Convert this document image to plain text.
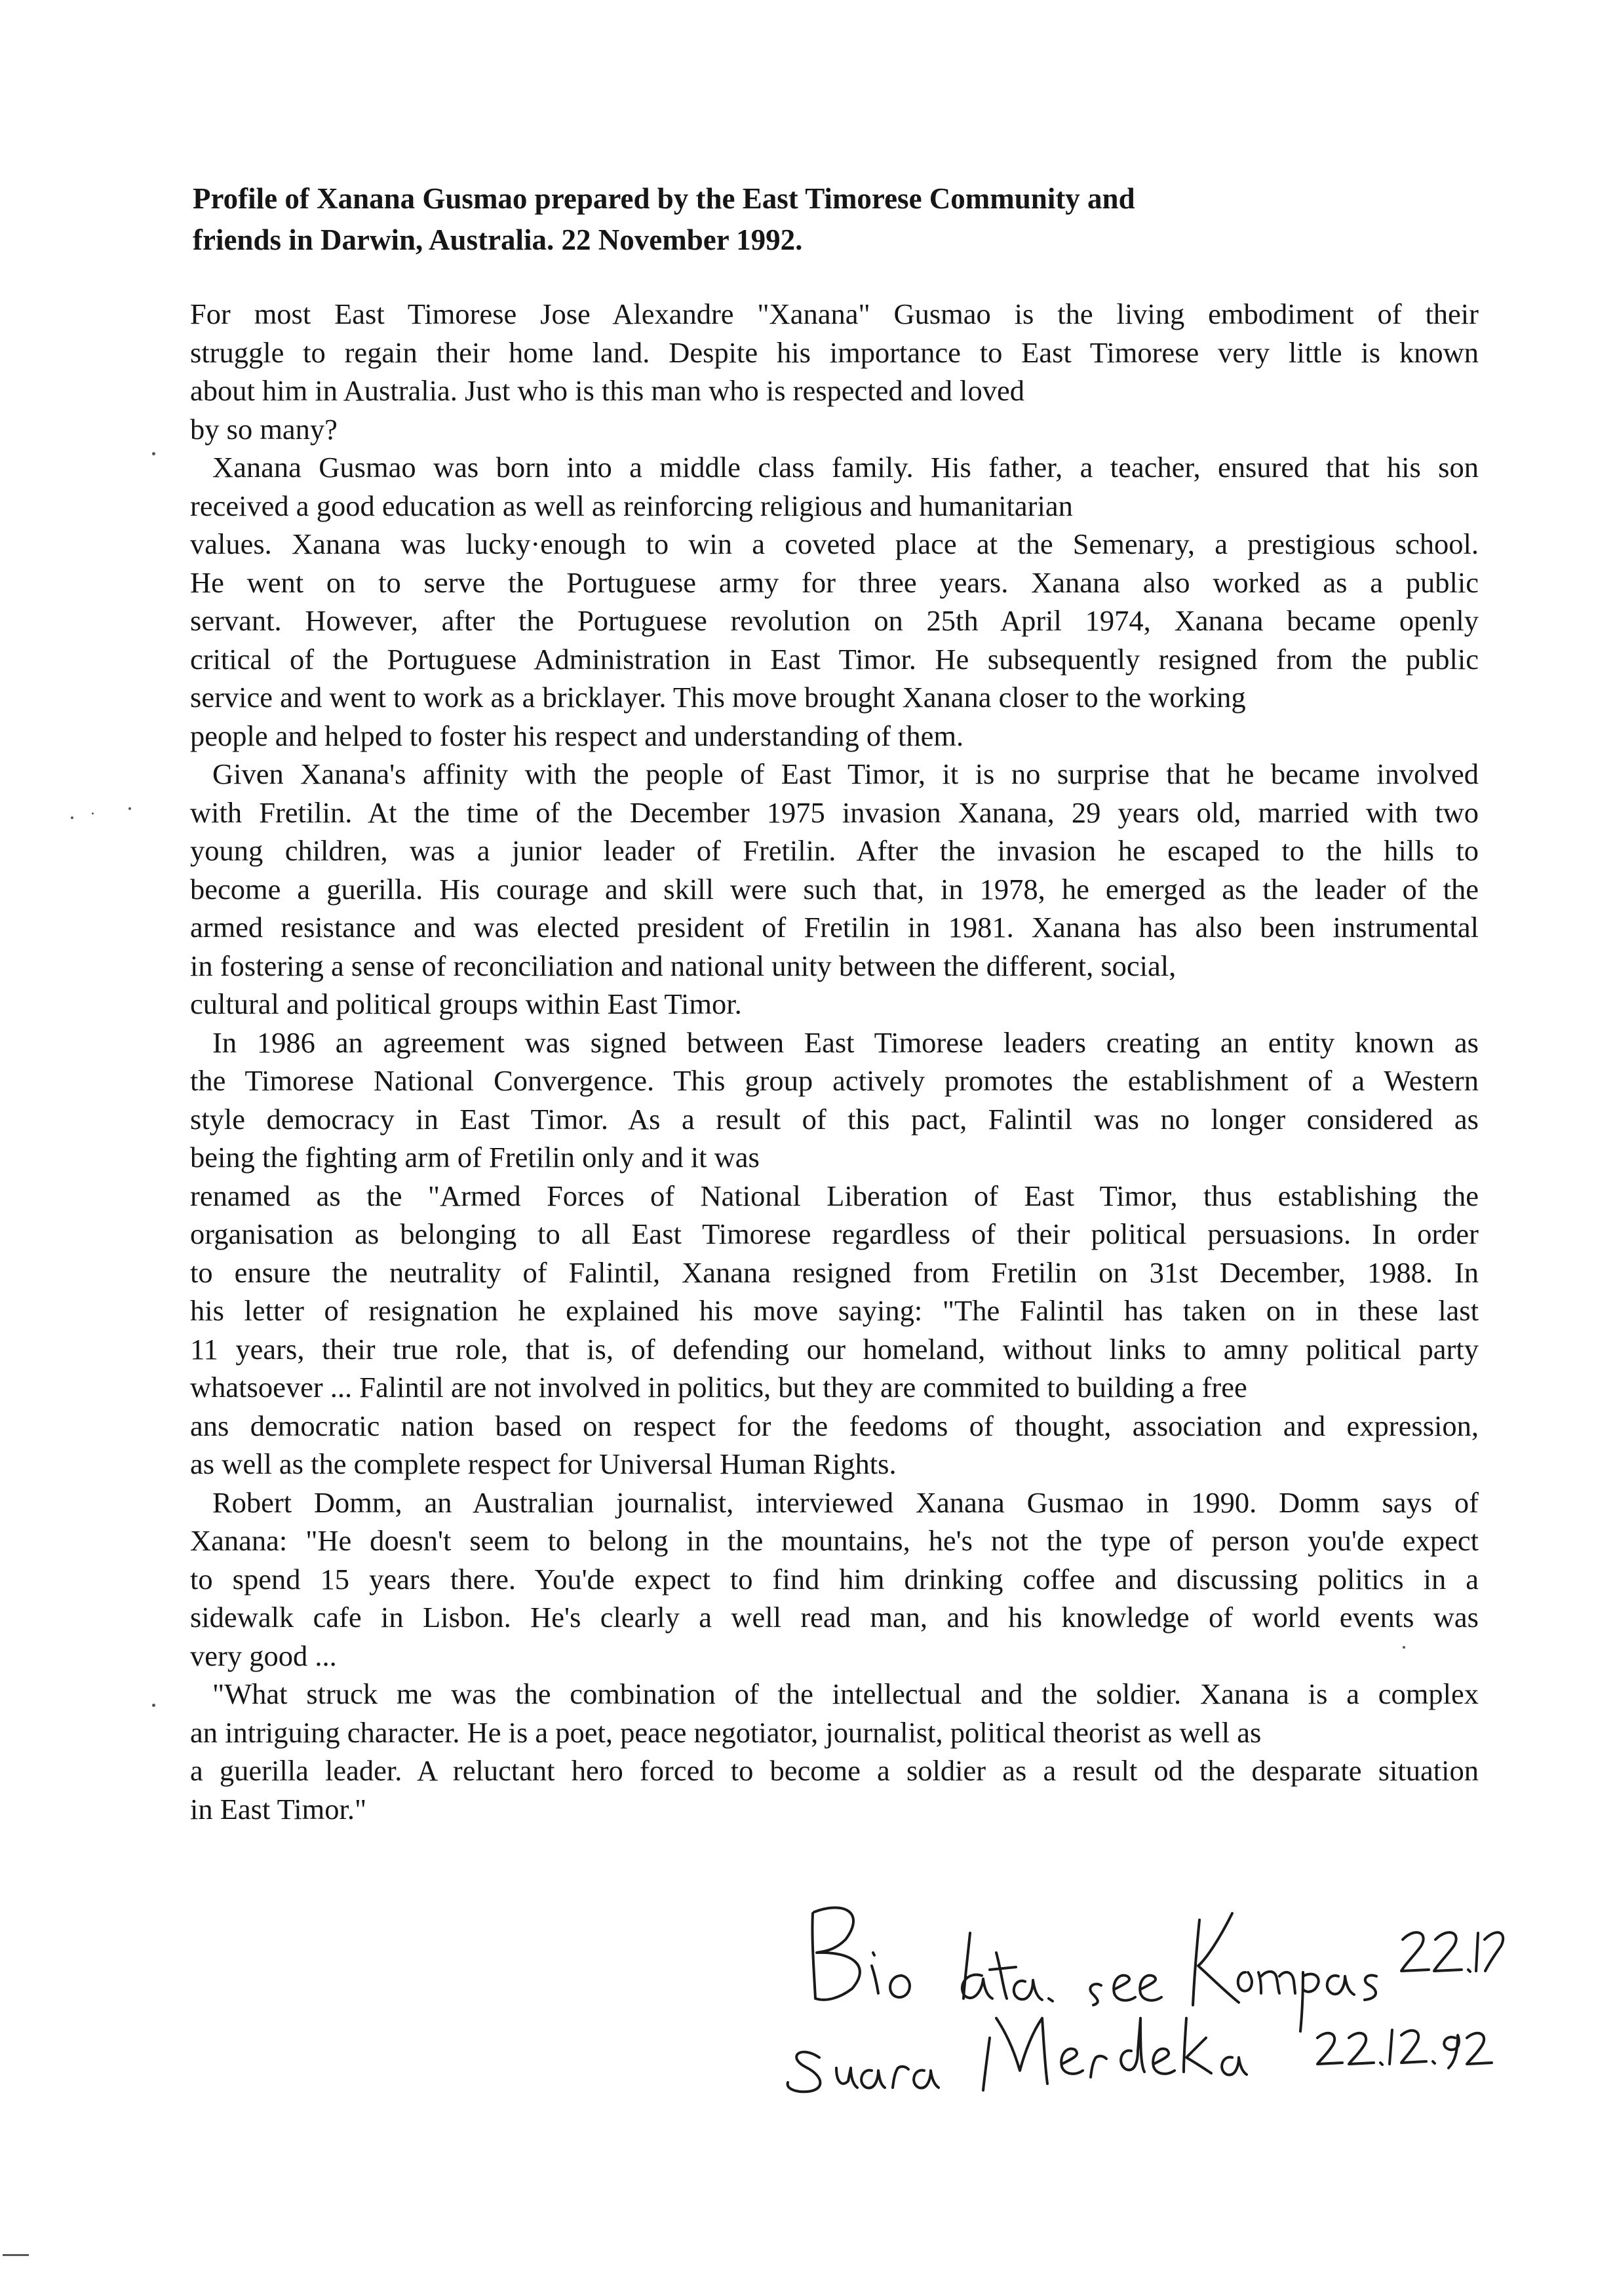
Profile of Xanana Gusmao prepared by the East Timorese Community and
friends in Darwin, Australia. 22 November 1992.
For most East Timorese Jose Alexandre "Xanana" Gusmao is the living embodiment of their
struggle to regain their home land. Despite his importance to East Timorese very little is known
about him in Australia. Just who is this man who is respected and loved
by so many?
Xanana Gusmao was born into a middle class family. His father, a teacher, ensured that his son
received a good education as well as reinforcing religious and humanitarian
values. Xanana was lucky·enough to win a coveted place at the Semenary, a prestigious school.
He went on to serve the Portuguese army for three years. Xanana also worked as a public
servant. However, after the Portuguese revolution on 25th April 1974, Xanana became openly
critical of the Portuguese Administration in East Timor. He subsequently resigned from the public
service and went to work as a bricklayer. This move brought Xanana closer to the working
people and helped to foster his respect and understanding of them.
Given Xanana's affinity with the people of East Timor, it is no surprise that he became involved
with Fretilin. At the time of the December 1975 invasion Xanana, 29 years old, married with two
young children, was a junior leader of Fretilin. After the invasion he escaped to the hills to
become a guerilla. His courage and skill were such that, in 1978, he emerged as the leader of the
armed resistance and was elected president of Fretilin in 1981. Xanana has also been instrumental
in fostering a sense of reconciliation and national unity between the different, social,
cultural and political groups within East Timor.
In 1986 an agreement was signed between East Timorese leaders creating an entity known as
the Timorese National Convergence. This group actively promotes the establishment of a Western
style democracy in East Timor. As a result of this pact, Falintil was no longer considered as
being the fighting arm of Fretilin only and it was
renamed as the "Armed Forces of National Liberation of East Timor, thus establishing the
organisation as belonging to all East Timorese regardless of their political persuasions. In order
to ensure the neutrality of Falintil, Xanana resigned from Fretilin on 31st December, 1988. In
his letter of resignation he explained his move saying: "The Falintil has taken on in these last
11 years, their true role, that is, of defending our homeland, without links to amny political party
whatsoever ... Falintil are not involved in politics, but they are commited to building a free
ans democratic nation based on respect for the feedoms of thought, association and expression,
as well as the complete respect for Universal Human Rights.
Robert Domm, an Australian journalist, interviewed Xanana Gusmao in 1990. Domm says of
Xanana: "He doesn't seem to belong in the mountains, he's not the type of person you'de expect
to spend 15 years there. You'de expect to find him drinking coffee and discussing politics in a
sidewalk cafe in Lisbon. He's clearly a well read man, and his knowledge of world events was
very good ...
"What struck me was the combination of the intellectual and the soldier. Xanana is a complex
an intriguing character. He is a poet, peace negotiator, journalist, political theorist as well as
a guerilla leader. A reluctant hero forced to become a soldier as a result od the desparate situation
in East Timor."
